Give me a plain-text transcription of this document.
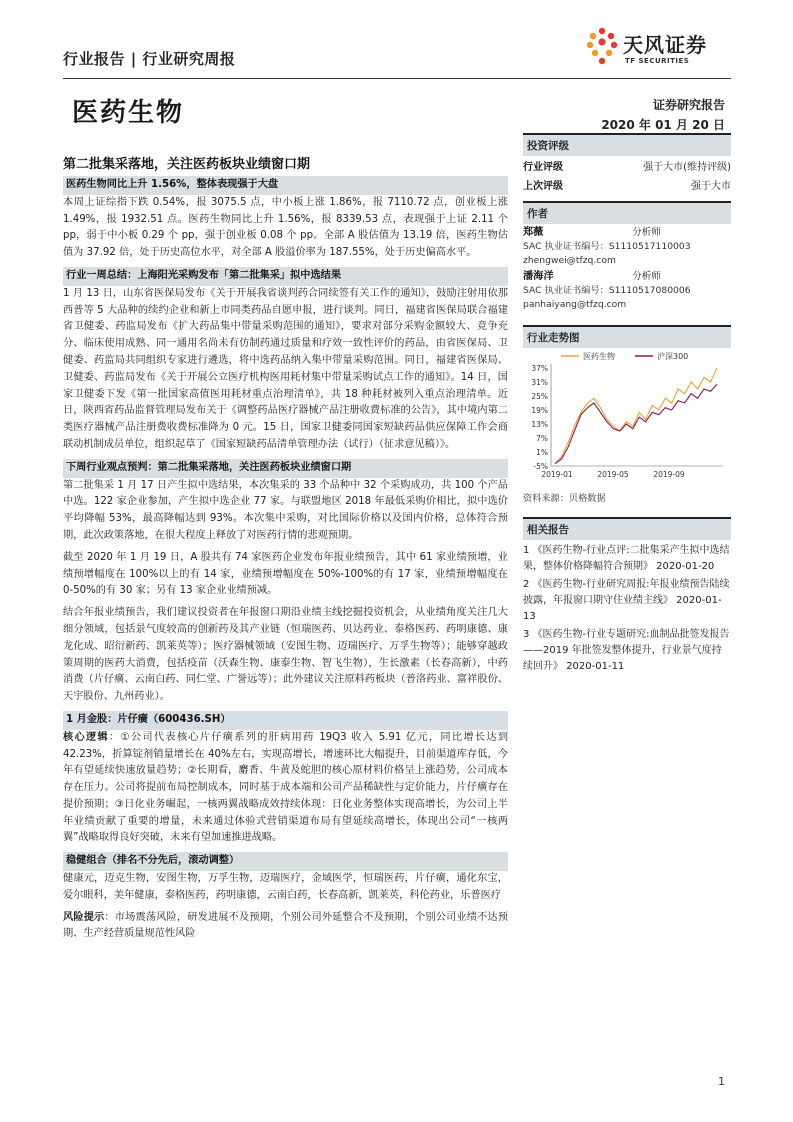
行业报告 | 行业研究周报
天风证券
TF SECURITIES
医药生物	证券研究报告
2020 年 01 月 20 日
第二批集采落地，关注医药板块业绩窗口期
医药生物同比上升 1.56%，整体表现强于大盘

本周上证综指下跌 0.54%，报 3075.5 点，中小板上涨 1.86%，报 7110.72 点，创业板上涨 1.49%，报 1932.51 点。医药生物同比上升 1.56%，报 8339.53 点，表现强于上证 2.11 个 pp，弱于中小板 0.29 个 pp，强于创业板 0.08 个 pp。全部 A 股估值为 13.19 倍，医药生物估值为 37.92 倍，处于历史高位水平，对全部 A 股溢价率为 187.55%，处于历史偏高水平。

行业一周总结：上海阳光采购发布「第二批集采」拟中选结果

1 月 13 日，山东省医保局发布《关于开展我省谈判药合同续签有关工作的通知》，鼓励注射用依那西普等 5 大品种的续约企业和新上市同类药品自愿申报，进行谈判。同日，福建省医保局联合福建省卫健委、药监局发布《扩大药品集中带量采购范围的通知》，要求对部分采购金额较大、竞争充分、临床使用成熟、同一通用名尚未有仿制药通过质量和疗效一致性评价的药品，由省医保局、卫健委、药监局共同组织专家进行遴选，将中选药品纳入集中带量采购范围。同日，福建省医保局、卫健委、药监局发布《关于开展公立医疗机构医用耗材集中带量采购试点工作的通知》。14 日，国家卫健委下发《第一批国家高值医用耗材重点治理清单》，共 18 种耗材被列入重点治理清单。近日，陕西省药品监督管理局发布关于《调整药品医疗器械产品注册收费标准的公告》，其中境内第二类医疗器械产品注册费收费标准降为 0 元。15 日，国家卫健委同国家短缺药品供应保障工作会商联动机制成员单位，组织起草了《国家短缺药品清单管理办法（试行）（征求意见稿）》。

下周行业观点预判：第二批集采落地，关注医药板块业绩窗口期

第二批集采 1 月 17 日产生拟中选结果，本次集采的 33 个品种中 32 个采购成功，共 100 个产品中选。122 家企业参加，产生拟中选企业 77 家。与联盟地区 2018 年最低采购价相比，拟中选价平均降幅 53%，最高降幅达到 93%。本次集中采购，对比国际价格以及国内价格，总体符合预期，此次政策落地，在很大程度上释放了对医药行情的悲观预期。

截至 2020 年 1 月 19 日，A 股共有 74 家医药企业发布年报业绩预告，其中 61 家业绩预增，业绩预增幅度在 100%以上的有 14 家，业绩预增幅度在 50%-100%的有 17 家，业绩预增幅度在 0-50%的有 30 家；另有 13 家企业业绩预减。

结合年报业绩预告，我们建议投资者在年报窗口期沿业绩主线挖掘投资机会，从业绩角度关注几大细分领域，包括景气度较高的创新药及其产业链（恒瑞医药、贝达药业、泰格医药、药明康德、康龙化成、昭衍新药、凯莱英等）；医疗器械领域（安图生物、迈瑞医疗、万孚生物等）；能够穿越政策周期的医药大消费，包括疫苗（沃森生物、康泰生物、智飞生物），生长激素（长春高新），中药消费（片仔癀、云南白药、同仁堂、广誉远等）；此外建议关注原料药板块（普洛药业、富祥股份、天宇股份、九州药业）。

1 月金股：片仔癀（600436.SH）

核心逻辑：①公司代表核心片仔癀系列的肝病用药 19Q3 收入 5.91 亿元，同比增长达到 42.23%，折算锭剂销量增长在 40%左右，实现高增长，增速环比大幅提升，目前渠道库存低，今年有望延续快速放量趋势；②长期看，麝香、牛黄及蛇胆的核心原材料价格呈上涨趋势，公司成本存在压力。公司将提前布局控制成本，同时基于成本端和公司产品稀缺性与定价能力，片仔癀存在提价预期；③日化业务崛起，一核两翼战略成效持续体现：日化业务整体实现高增长，为公司上半年业绩贡献了重要的增量，未来通过体验式营销渠道布局有望延续高增长，体现出公司“一核两翼”战略取得良好突破，未来有望加速推进战略。

稳健组合（排名不分先后，滚动调整）

健康元，迈克生物，安图生物，万孚生物，迈瑞医疗，金域医学，恒瑞医药，片仔癀，通化东宝，爱尔眼科，美年健康，泰格医药，药明康德，云南白药，长春高新，凯莱英，科伦药业，乐普医疗

风险提示：市场震荡风险，研发进展不及预期，个别公司外延整合不及预期，个别公司业绩不达预期、生产经营质量规范性风险

投资评级
行业评级	强于大市(维持评级)
上次评级	强于大市
作者
郑薇	分析师
SAC 执业证书编号：S1110517110003
zhengwei@tfzq.com
潘海洋	分析师
SAC 执业证书编号：S1110517080006
panhaiyang@tfzq.com
行业走势图
-5%
1%
7%
13%
19%
25%
31%
37%
2019-01	2019-05	2019-09
医药生物	沪深300
资料来源：贝格数据
相关报告
1 《医药生物-行业点评:二批集采产生拟中选结果，整体价格降幅符合预期》 2020-01-20
2 《医药生物-行业研究周报:年报业绩预告陆续披露，年报窗口期守住业绩主线》 2020-01-13
3 《医药生物-行业专题研究:血制品批签发报告——2019 年批签发整体提升，行业景气度持续回升》 2020-01-11
1
